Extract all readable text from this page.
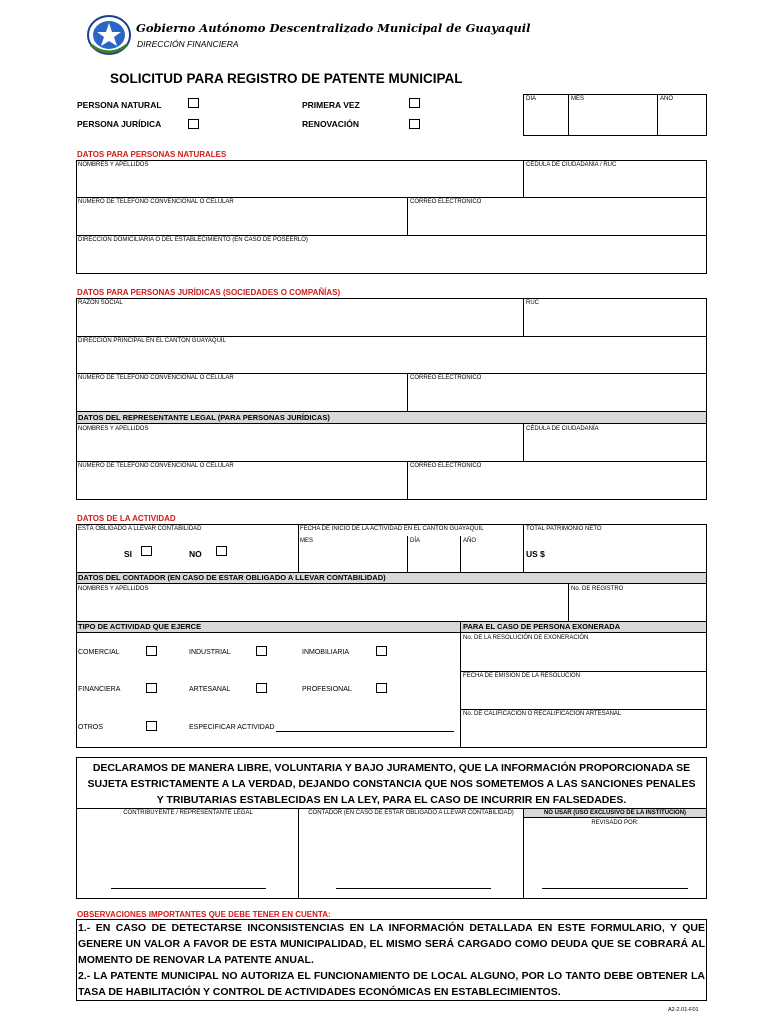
Gobierno Autónomo Descentralizado Municipal de Guayaquil
DIRECCIÓN FINANCIERA
SOLICITUD PARA REGISTRO DE PATENTE MUNICIPAL
PERSONA NATURAL
PERSONA JURÍDICA
PRIMERA VEZ
RENOVACIÓN
DÍA	MES	AÑO
DATOS PARA PERSONAS NATURALES
NOMBRES Y APELLIDOS	CÉDULA DE CIUDADANÍA / RUC
NUMERO DE TELÉFONO CONVENCIONAL O CELULAR	CORREO ELECTRÓNICO
DIRECCIÓN DOMICILIARIA O DEL ESTABLECIMIENTO (EN CASO DE POSEERLO)
DATOS PARA PERSONAS JURÍDICAS (SOCIEDADES O COMPAÑÍAS)
DATOS DEL REPRESENTANTE LEGAL (PARA PERSONAS JURÍDICAS)
RAZÓN SOCIAL	RUC
DIRECCIÓN PRINCIPAL EN EL CANTÓN GUAYAQUIL
NUMERO DE TELÉFONO CONVENCIONAL O CELULAR	CORREO ELECTRÓNICO
NOMBRES Y APELLIDOS	CÉDULA DE CIUDADANÍA
NUMERO DE TELÉFONO CONVENCIONAL O CELULAR	CORREO ELECTRÓNICO
DATOS DE LA ACTIVIDAD
ESTÁ OBLIGADO A LLEVAR CONTABILIDAD
SI	NO
FECHA DE INICIO DE LA ACTIVIDAD EN EL CANTÓN GUAYAQUIL
MES	DÍA	AÑO
TOTAL PATRIMONIO NETO
US $
DATOS DEL CONTADOR (EN CASO DE ESTAR OBLIGADO A LLEVAR CONTABILIDAD)
NOMBRES Y APELLIDOS	No. DE REGISTRO
TIPO DE ACTIVIDAD QUE EJERCE	PARA EL CASO DE PERSONA EXONERADA
No. DE LA RESOLUCIÓN DE EXONERACIÓN
FECHA DE EMISIÓN DE LA RESOLUCIÓN
No. DE CALIFICACIÓN O RECALIFICACIÓN ARTESANAL
COMERCIAL	INDUSTRIAL	INMOBILIARIA
FINANCIERA	ARTESANAL	PROFESIONAL
OTROS	ESPECIFICAR ACTIVIDAD
DECLARAMOS DE MANERA LIBRE, VOLUNTARIA Y BAJO JURAMENTO, QUE LA INFORMACIÓN PROPORCIONADA SE SUJETA ESTRICTAMENTE A LA VERDAD, DEJANDO CONSTANCIA QUE NOS SOMETEMOS A LAS SANCIONES PENALES Y TRIBUTARIAS ESTABLECIDAS EN LA LEY, PARA EL CASO DE INCURRIR EN FALSEDADES.
CONTRIBUYENTE / REPRESENTANTE LEGAL	CONTADOR (EN CASO DE ESTAR OBLIGADO A LLEVAR CONTABILIDAD)	NO USAR (USO EXCLUSIVO DE LA INSTITUCIÓN)
REVISADO POR:
OBSERVACIONES IMPORTANTES QUE DEBE TENER EN CUENTA:
1.- EN CASO DE DETECTARSE INCONSISTENCIAS EN LA INFORMACIÓN DETALLADA EN ESTE FORMULARIO, Y QUE GENERE UN VALOR A FAVOR DE ESTA MUNICIPALIDAD, EL MISMO SERÁ CARGADO COMO DEUDA QUE SE COBRARÁ AL MOMENTO DE RENOVAR LA PATENTE ANUAL.
2.- LA PATENTE MUNICIPAL NO AUTORIZA EL FUNCIONAMIENTO DE LOCAL ALGUNO, POR LO TANTO DEBE OBTENER LA TASA DE HABILITACIÓN Y CONTROL DE ACTIVIDADES ECONÓMICAS EN ESTABLECIMIENTOS.
A2-2.01-F01
